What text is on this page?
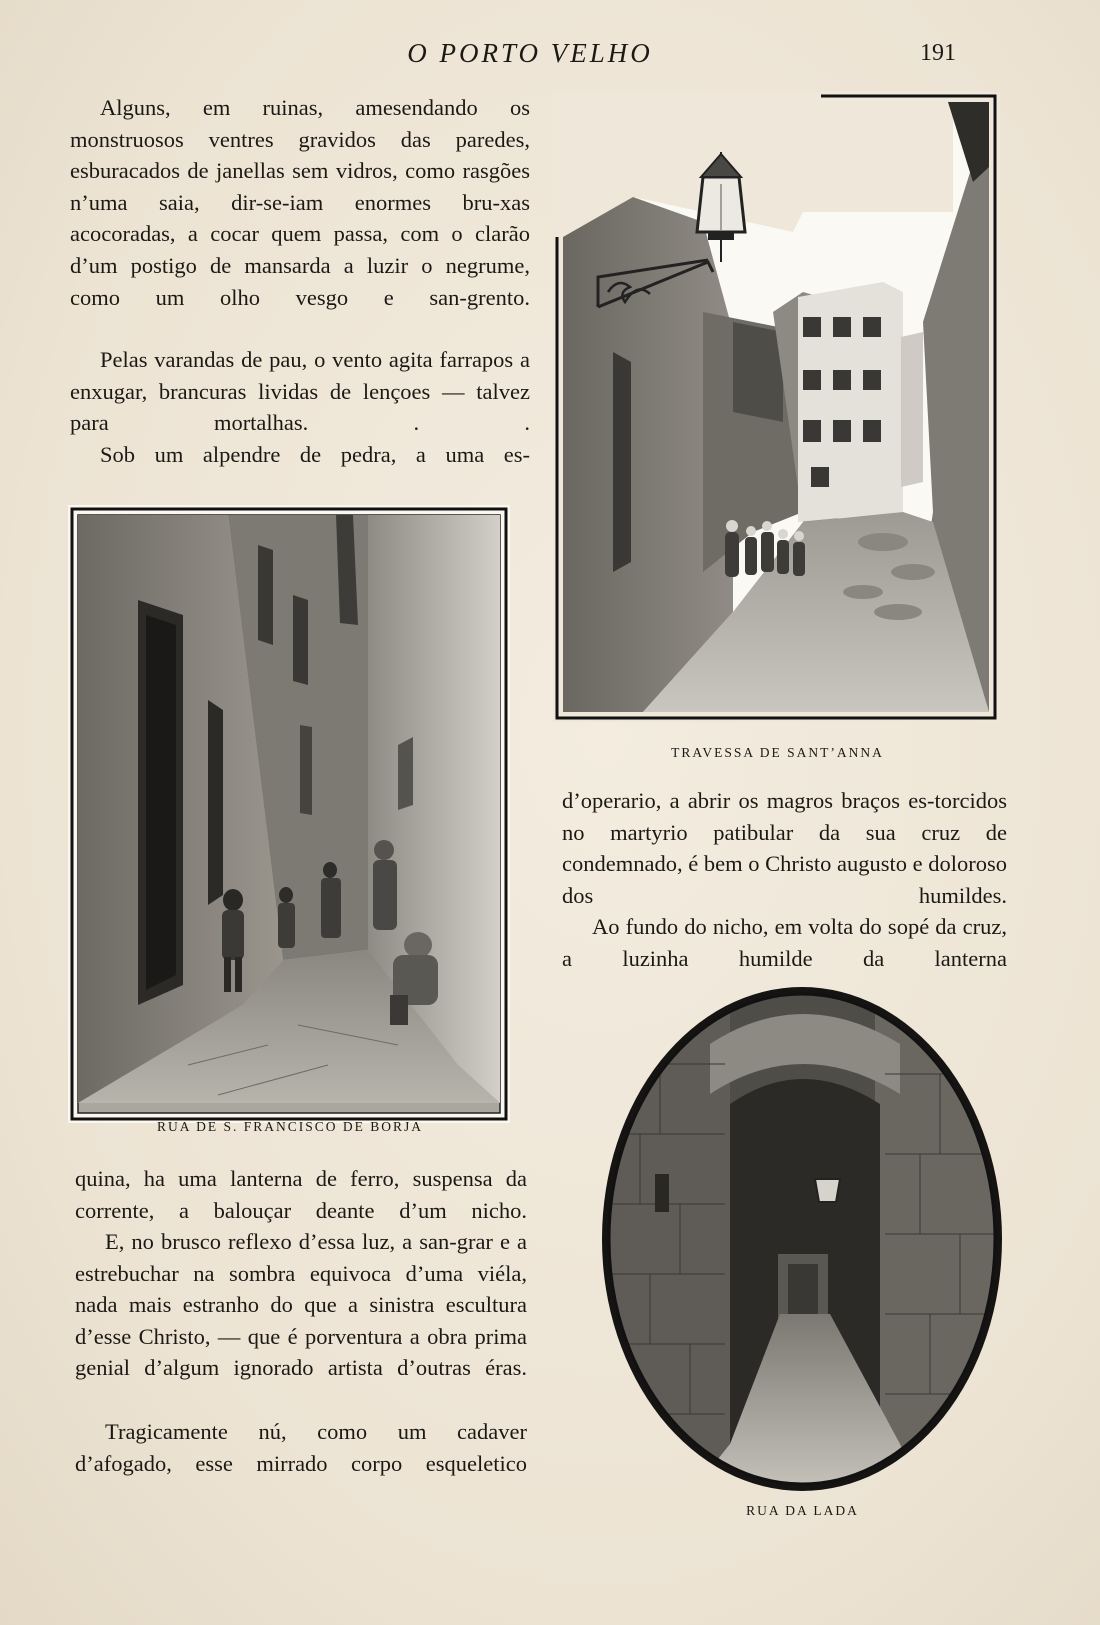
O PORTO VELHO	191

Alguns, em ruinas, amesendando os monstruosos ventres gravidos das paredes, esburacados de janellas sem vidros, como rasgões n’uma saia, dir-se-iam enormes bru-xas acocoradas, a cocar quem passa, com o clarão d’um postigo de mansarda a luzir o negrume, como um olho vesgo e san-grento.

Pelas varandas de pau, o vento agita farrapos a enxugar, brancuras lividas de lençoes — talvez para mortalhas. . .

Sob um alpendre de pedra, a uma es-

RUA DE S. FRANCISCO DE BORJA

quina, ha uma lanterna de ferro, suspensa da corrente, a balouçar deante d’um nicho.

E, no brusco reflexo d’essa luz, a san-grar e a estrebuchar na sombra equivoca d’uma viéla, nada mais estranho do que a sinistra escultura d’esse Christo, — que é porventura a obra prima genial d’algum ignorado artista d’outras éras.

Tragicamente nú, como um cadaver d’afogado, esse mirrado corpo esqueletico

TRAVESSA DE SANT’ANNA

d’operario, a abrir os magros braços es-torcidos no martyrio patibular da sua cruz de condemnado, é bem o Christo augusto e doloroso dos humildes.

Ao fundo do nicho, em volta do sopé da cruz, a luzinha humilde da lanterna

RUA DA LADA
